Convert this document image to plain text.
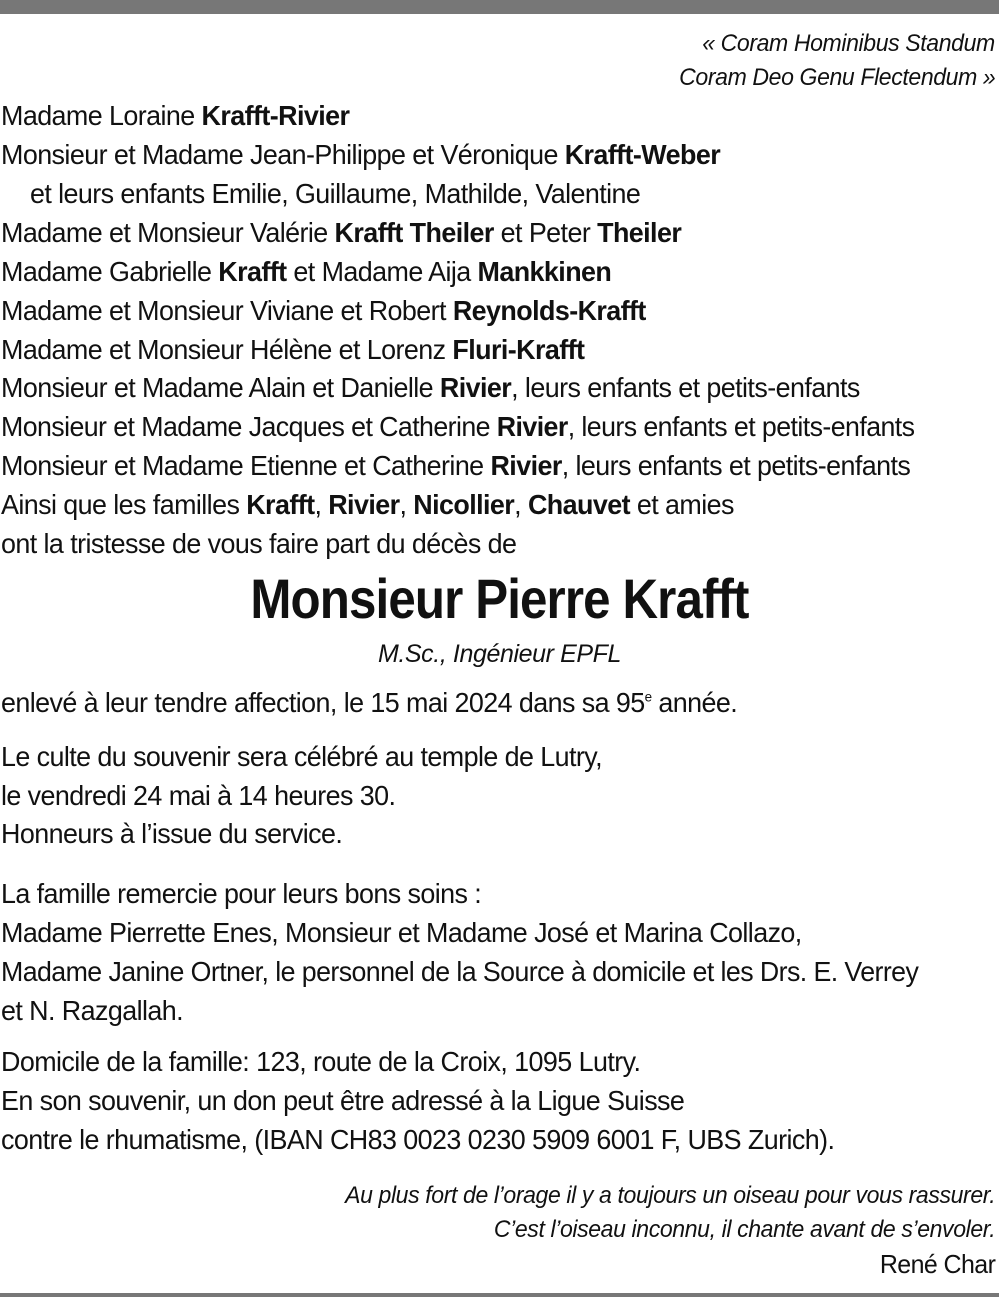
« Coram Hominibus Standum
Coram Deo Genu Flectendum »
Madame Loraine Krafft-Rivier
Monsieur et Madame Jean-Philippe et Véronique Krafft-Weber
et leurs enfants Emilie, Guillaume, Mathilde, Valentine
Madame et Monsieur Valérie Krafft Theiler et Peter Theiler
Madame Gabrielle Krafft et Madame Aija Mankkinen
Madame et Monsieur Viviane et Robert Reynolds-Krafft
Madame et Monsieur Hélène et Lorenz Fluri-Krafft
Monsieur et Madame Alain et Danielle Rivier, leurs enfants et petits-enfants
Monsieur et Madame Jacques et Catherine Rivier, leurs enfants et petits-enfants
Monsieur et Madame Etienne et Catherine Rivier, leurs enfants et petits-enfants
Ainsi que les familles Krafft, Rivier, Nicollier, Chauvet et amies
ont la tristesse de vous faire part du décès de
Monsieur Pierre Krafft
M.Sc., Ingénieur EPFL
enlevé à leur tendre affection, le 15 mai 2024 dans sa 95e année.
Le culte du souvenir sera célébré au temple de Lutry,
le vendredi 24 mai à 14 heures 30.
Honneurs à l’issue du service.
La famille remercie pour leurs bons soins :
Madame Pierrette Enes, Monsieur et Madame José et Marina Collazo,
Madame Janine Ortner, le personnel de la Source à domicile et les Drs. E. Verrey
et N. Razgallah.
Domicile de la famille: 123, route de la Croix, 1095 Lutry.
En son souvenir, un don peut être adressé à la Ligue Suisse
contre le rhumatisme, (IBAN CH83 0023 0230 5909 6001 F, UBS Zurich).
Au plus fort de l’orage il y a toujours un oiseau pour vous rassurer.
C’est l’oiseau inconnu, il chante avant de s’envoler.
René Char
